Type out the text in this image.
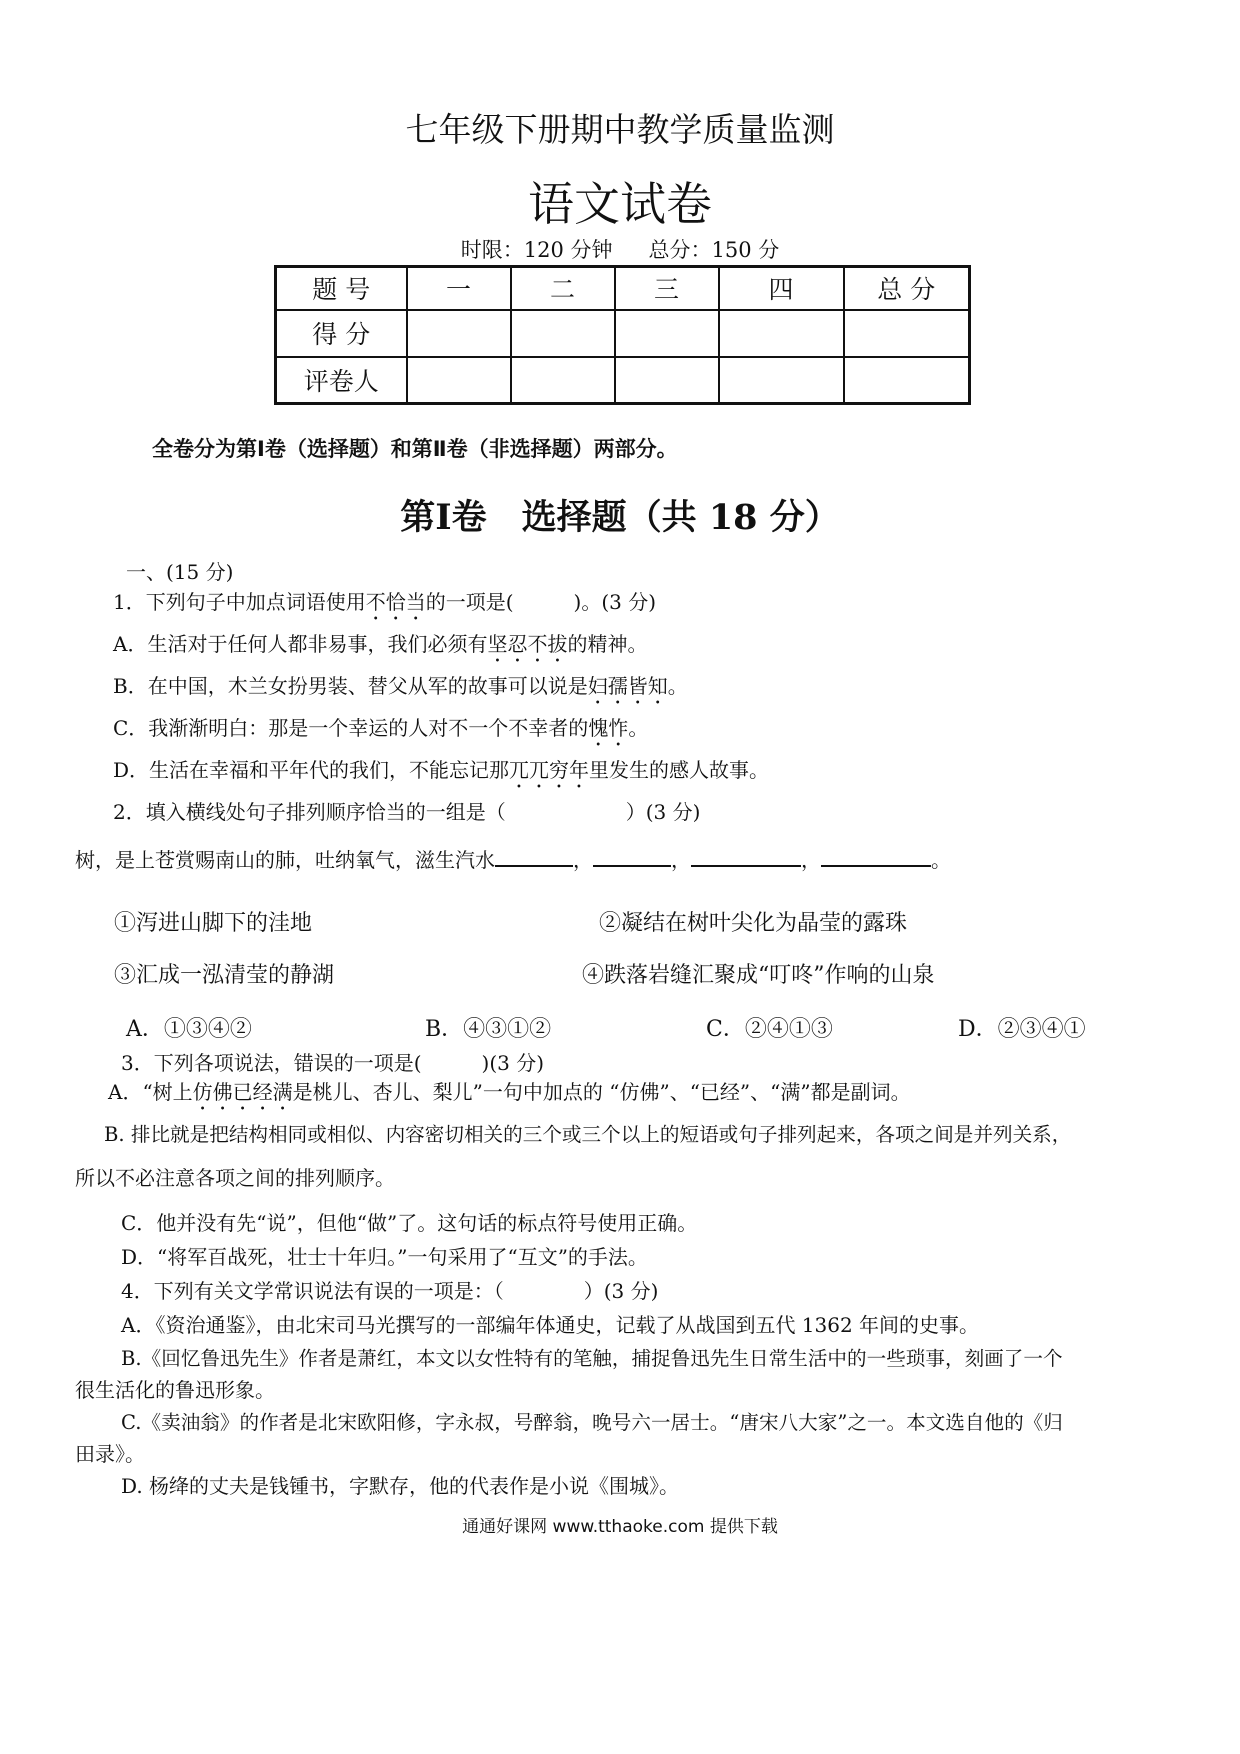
七年级下册期中教学质量监测
语文试卷
时限：120 分钟 总分：150 分
题 号	一	二	三	四	总 分
得 分					
评卷人					
全卷分为第Ⅰ卷（选择题）和第Ⅱ卷（非选择题）两部分。
第Ⅰ卷　选择题（共 18 分）
一、(15 分)
1．下列句子中加点词语使用不恰当的一项是(　　　)。(3 分)
A．生活对于任何人都非易事，我们必须有坚忍不拔的精神。
B．在中国，木兰女扮男装、替父从军的故事可以说是妇孺皆知。
C．我渐渐明白：那是一个幸运的人对不一个不幸者的愧怍。
D．生活在幸福和平年代的我们，不能忘记那兀兀穷年里发生的感人故事。
2．填入横线处句子排列顺序恰当的一组是（　　　　　　）(3 分)
树，是上苍赏赐南山的肺，吐纳氧气，滋生汽水	，	，	，	。
①泻进山脚下的洼地	②凝结在树叶尖化为晶莹的露珠
③汇成一泓清莹的静湖	④跌落岩缝汇聚成“叮咚”作响的山泉
A．①③④②	B．④③①②	C．②④①③	D．②③④①
3．下列各项说法，错误的一项是(　　　)(3 分)
A．“树上仿佛已经满是桃儿、杏儿、梨儿”一句中加点的 “仿佛”、“已经”、“满”都是副词。
B. 排比就是把结构相同或相似、内容密切相关的三个或三个以上的短语或句子排列起来，各项之间是并列关系，
所以不必注意各项之间的排列顺序。
C．他并没有先“说”，但他“做”了。这句话的标点符号使用正确。
D．“将军百战死，壮士十年归。”一句采用了“互文”的手法。
4．下列有关文学常识说法有误的一项是：（　　　　）(3 分)
A．《资治通鉴》，由北宋司马光撰写的一部编年体通史，记载了从战国到五代 1362 年间的史事。
B.《回忆鲁迅先生》作者是萧红，本文以女性特有的笔触，捕捉鲁迅先生日常生活中的一些琐事，刻画了一个
很生活化的鲁迅形象。
C.《卖油翁》的作者是北宋欧阳修，字永叔，号醉翁，晚号六一居士。“唐宋八大家”之一。本文选自他的《归
田录》。
D. 杨绛的丈夫是钱锺书，字默存，他的代表作是小说《围城》。
通通好课网 www.tthaoke.com 提供下载
